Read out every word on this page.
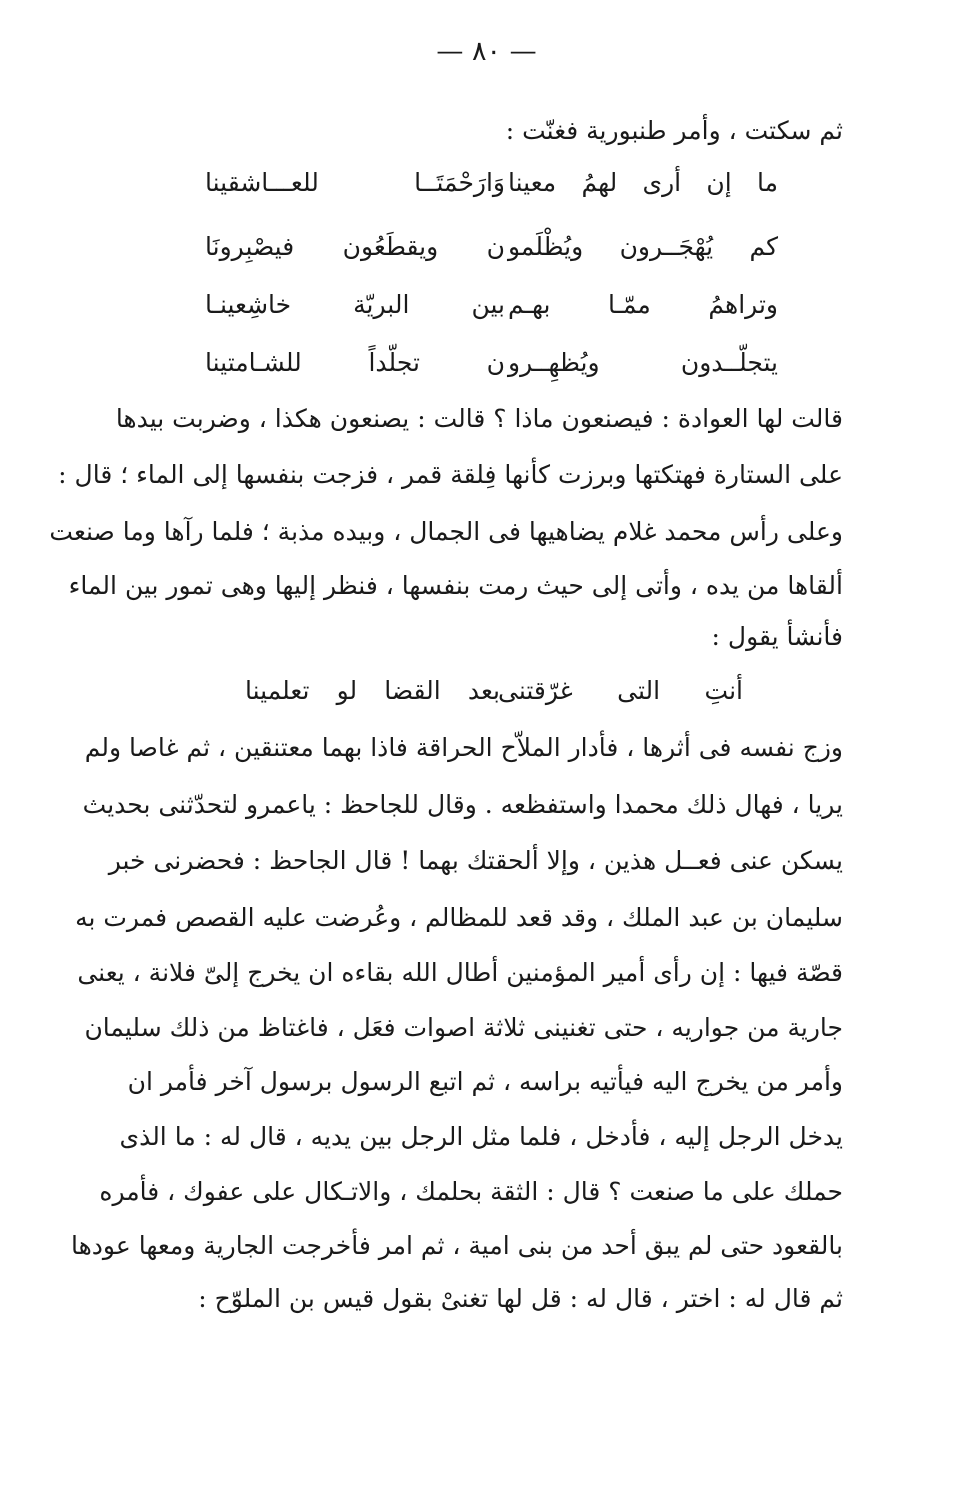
— ٨٠ —
ثم سكتت ، وأمر طنبورية فغنّت :
ما إن أرى لهمُ معينا
وَارَحْمَتَــا للعـــاشقينا
كم يُهْجَــرون ويُظْلَمو
ن ويقطَعُون فيصْبِرونَا
وتراهمُ ممّـا بهـم
بين البريّة خاشِعينـا
يتجلّــدون ويُظهِــرو
ن تجلّداً للشـامتينا
قالت لها العوادة : فيصنعون ماذا ؟ قالت : يصنعون هكذا ، وضربت بيدها
على الستارة فهتكتها وبرزت كأنها فِلقة قمر ، فزجت بنفسها إلى الماء ؛ قال :
وعلى رأس محمد غلام يضاهيها فى الجمال ، وبيده مذبة ؛ فلما رآها وما صنعت
ألقاها من يده ، وأتى إلى حيث رمت بنفسها ، فنظر إليها وهى تمور بين الماء
فأنشأ يقول :
أنتِ التى غرّقتنى
بعد القضا لو تعلمينا
وزج نفسه فى أثرها ، فأدار الملاّح الحراقة فاذا بهما معتنقين ، ثم غاصا ولم
يريا ، فهال ذلك محمدا واستفظعه . وقال للجاحظ : ياعمرو لتحدّثنى بحديث
يسكن عنى فعــل هذين ، وإلا ألحقتك بهما ! قال الجاحظ : فحضرنى خبر
سليمان بن عبد الملك ، وقد قعد للمظالم ، وعُرضت عليه القصص فمرت به
قصّة فيها : إن رأى أمير المؤمنين أطال الله بقاءه ان يخرج إلىّ فلانة ، يعنى
جارية من جواريه ، حتى تغنينى ثلاثة اصوات فعَل ، فاغتاظ من ذلك سليمان
وأمر من يخرج اليه فيأتيه براسه ، ثم اتبع الرسول برسول آخر فأمر ان
يدخل الرجل إليه ، فأدخل ، فلما مثل الرجل بين يديه ، قال له : ما الذى
حملك على ما صنعت ؟ قال : الثقة بحلمك ، والاتـكال على عفوك ، فأمره
بالقعود حتى لم يبق أحد من بنى امية ، ثم امر فأخرجت الجارية ومعها عودها
ثم قال له : اختر ، قال له : قل لها تغنىْ بقول قيس بن الملوّح :
